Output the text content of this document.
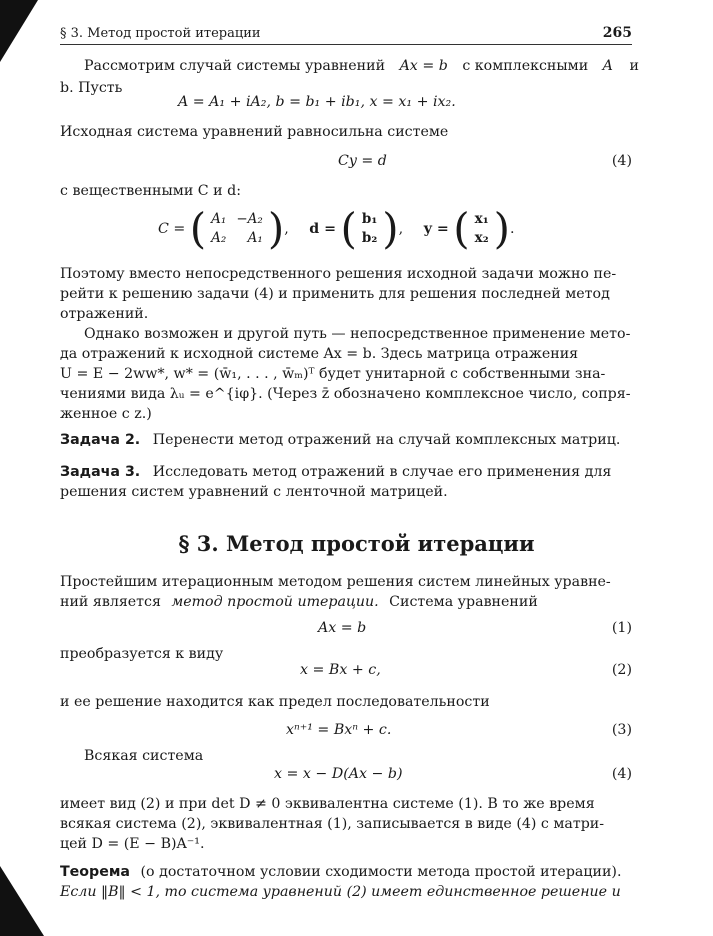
§ 3. Метод простой итерации	265
Рассмотрим случай системы уравнений Ax = b с комплексными A и
b. Пусть
A = A₁ + iA₂, b = b₁ + ib₁, x = x₁ + ix₂.
Исходная система уравнений равносильна системе
Cy = d	(4)
с вещественными C и d:
C = ( A₁	−A₂
A₂	A₁ ), d = ( b₁
b₂ ), y = ( x₁
x₂ ).
Поэтому вместо непосредственного решения исходной задачи можно пе-
рейти к решению задачи (4) и применить для решения последней метод
отражений.
Однако возможен и другой путь — непосредственное применение мето-
да отражений к исходной системе Ax = b. Здесь матрица отражения
U = E − 2ww*, w* = (w̄₁, . . . , w̄ₘ)ᵀ будет унитарной с собственными зна-
чениями вида λᵤ = e^{iφ}. (Через z̄ обозначено комплексное число, сопря-
женное с z.)
Задача 2. Перенести метод отражений на случай комплексных матриц.
Задача 3. Исследовать метод отражений в случае его применения для
решения систем уравнений с ленточной матрицей.
§ 3. Метод простой итерации
Простейшим итерационным методом решения систем линейных уравне-
ний является метод простой итерации. Система уравнений
Ax = b	(1)
преобразуется к виду
x = Bx + c,	(2)
и ее решение находится как предел последовательности
xⁿ⁺¹ = Bxⁿ + c.	(3)
Всякая система
x = x − D(Ax − b)	(4)
имеет вид (2) и при det D ≠ 0 эквивалентна системе (1). В то же время
всякая система (2), эквивалентная (1), записывается в виде (4) с матри-
цей D = (E − B)A⁻¹.
Теорема (о достаточном условии сходимости метода простой итерации).
Если ‖B‖ < 1, то система уравнений (2) имеет единственное решение и
